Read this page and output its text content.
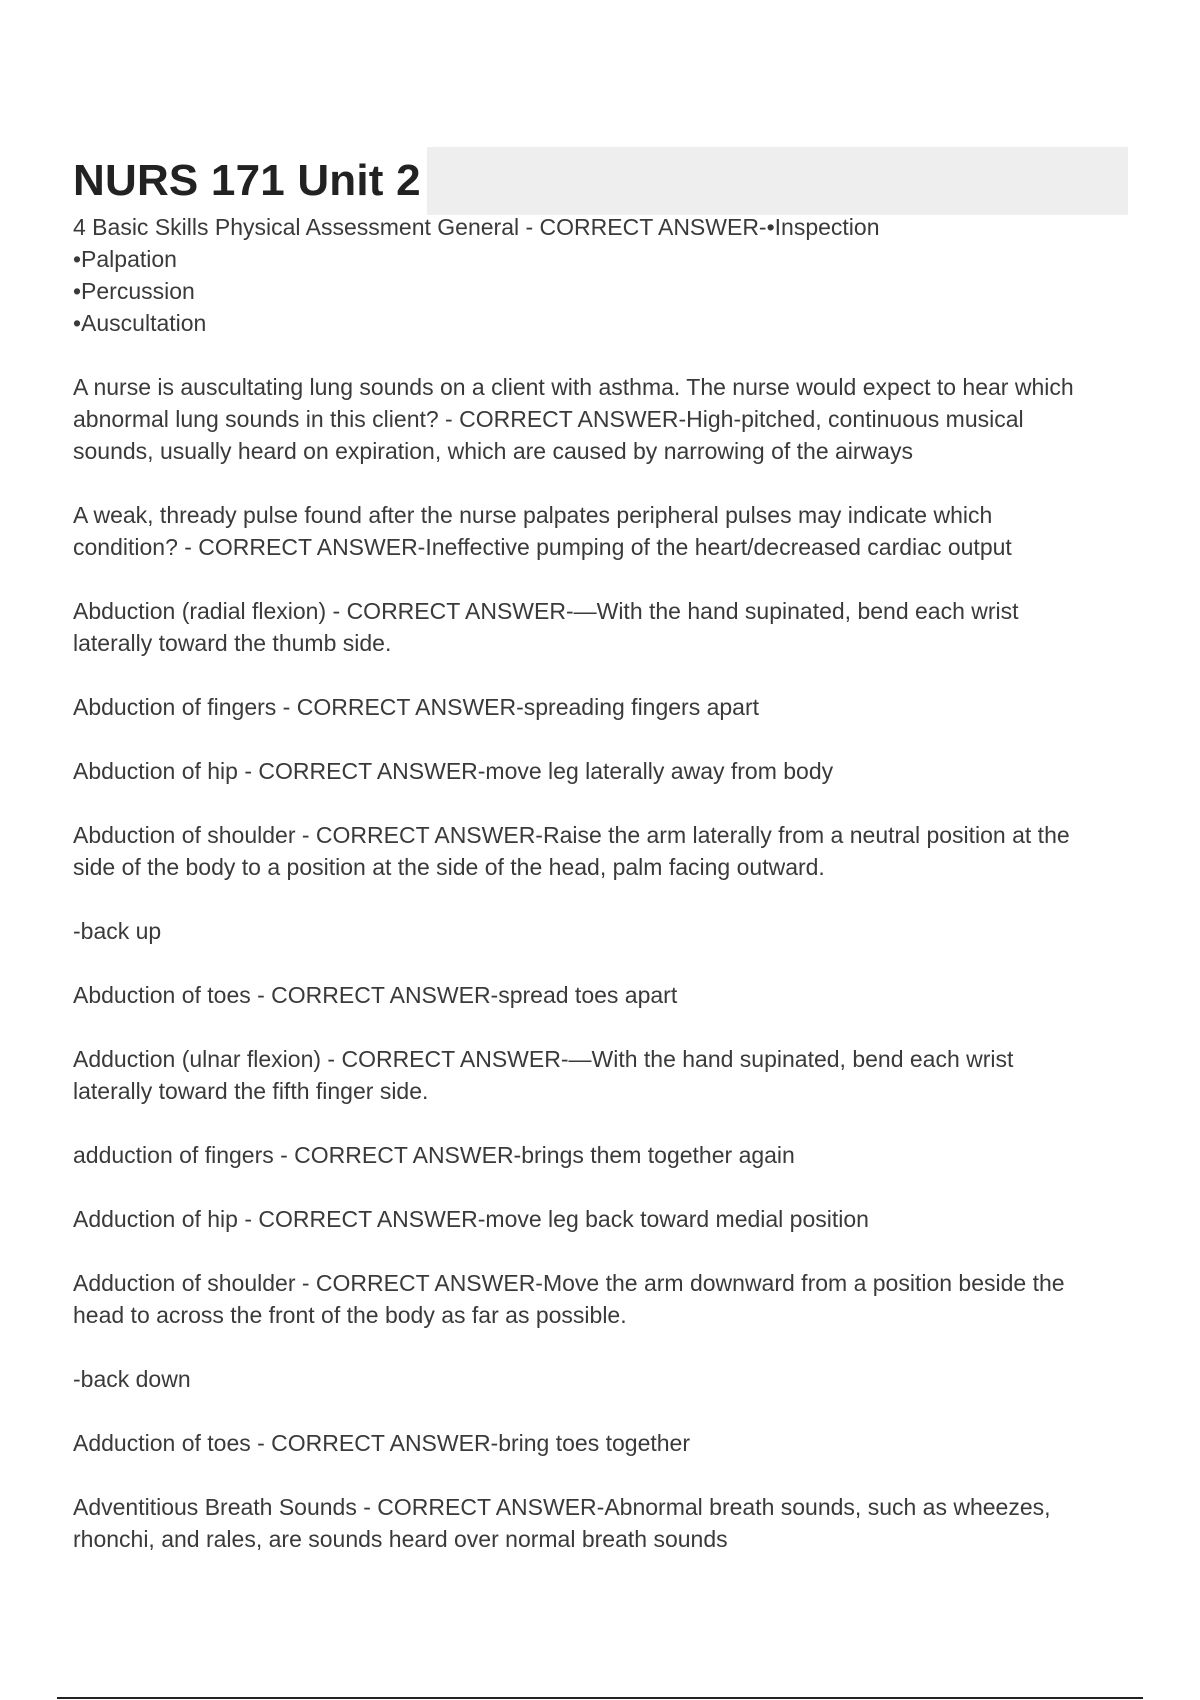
NURS 171 Unit 2

4 Basic Skills Physical Assessment General - CORRECT ANSWER-•Inspection
•Palpation
•Percussion
•Auscultation

A nurse is auscultating lung sounds on a client with asthma. The nurse would expect to hear which
abnormal lung sounds in this client? - CORRECT ANSWER-High-pitched, continuous musical
sounds, usually heard on expiration, which are caused by narrowing of the airways

A weak, thready pulse found after the nurse palpates peripheral pulses may indicate which
condition? - CORRECT ANSWER-Ineffective pumping of the heart/decreased cardiac output

Abduction (radial flexion) - CORRECT ANSWER-—With the hand supinated, bend each wrist
laterally toward the thumb side.

Abduction of fingers - CORRECT ANSWER-spreading fingers apart

Abduction of hip - CORRECT ANSWER-move leg laterally away from body

Abduction of shoulder - CORRECT ANSWER-Raise the arm laterally from a neutral position at the
side of the body to a position at the side of the head, palm facing outward.

-back up

Abduction of toes - CORRECT ANSWER-spread toes apart

Adduction (ulnar flexion) - CORRECT ANSWER-—With the hand supinated, bend each wrist
laterally toward the fifth finger side.

adduction of fingers - CORRECT ANSWER-brings them together again

Adduction of hip - CORRECT ANSWER-move leg back toward medial position

Adduction of shoulder - CORRECT ANSWER-Move the arm downward from a position beside the
head to across the front of the body as far as possible.

-back down

Adduction of toes - CORRECT ANSWER-bring toes together

Adventitious Breath Sounds - CORRECT ANSWER-Abnormal breath sounds, such as wheezes,
rhonchi, and rales, are sounds heard over normal breath sounds
